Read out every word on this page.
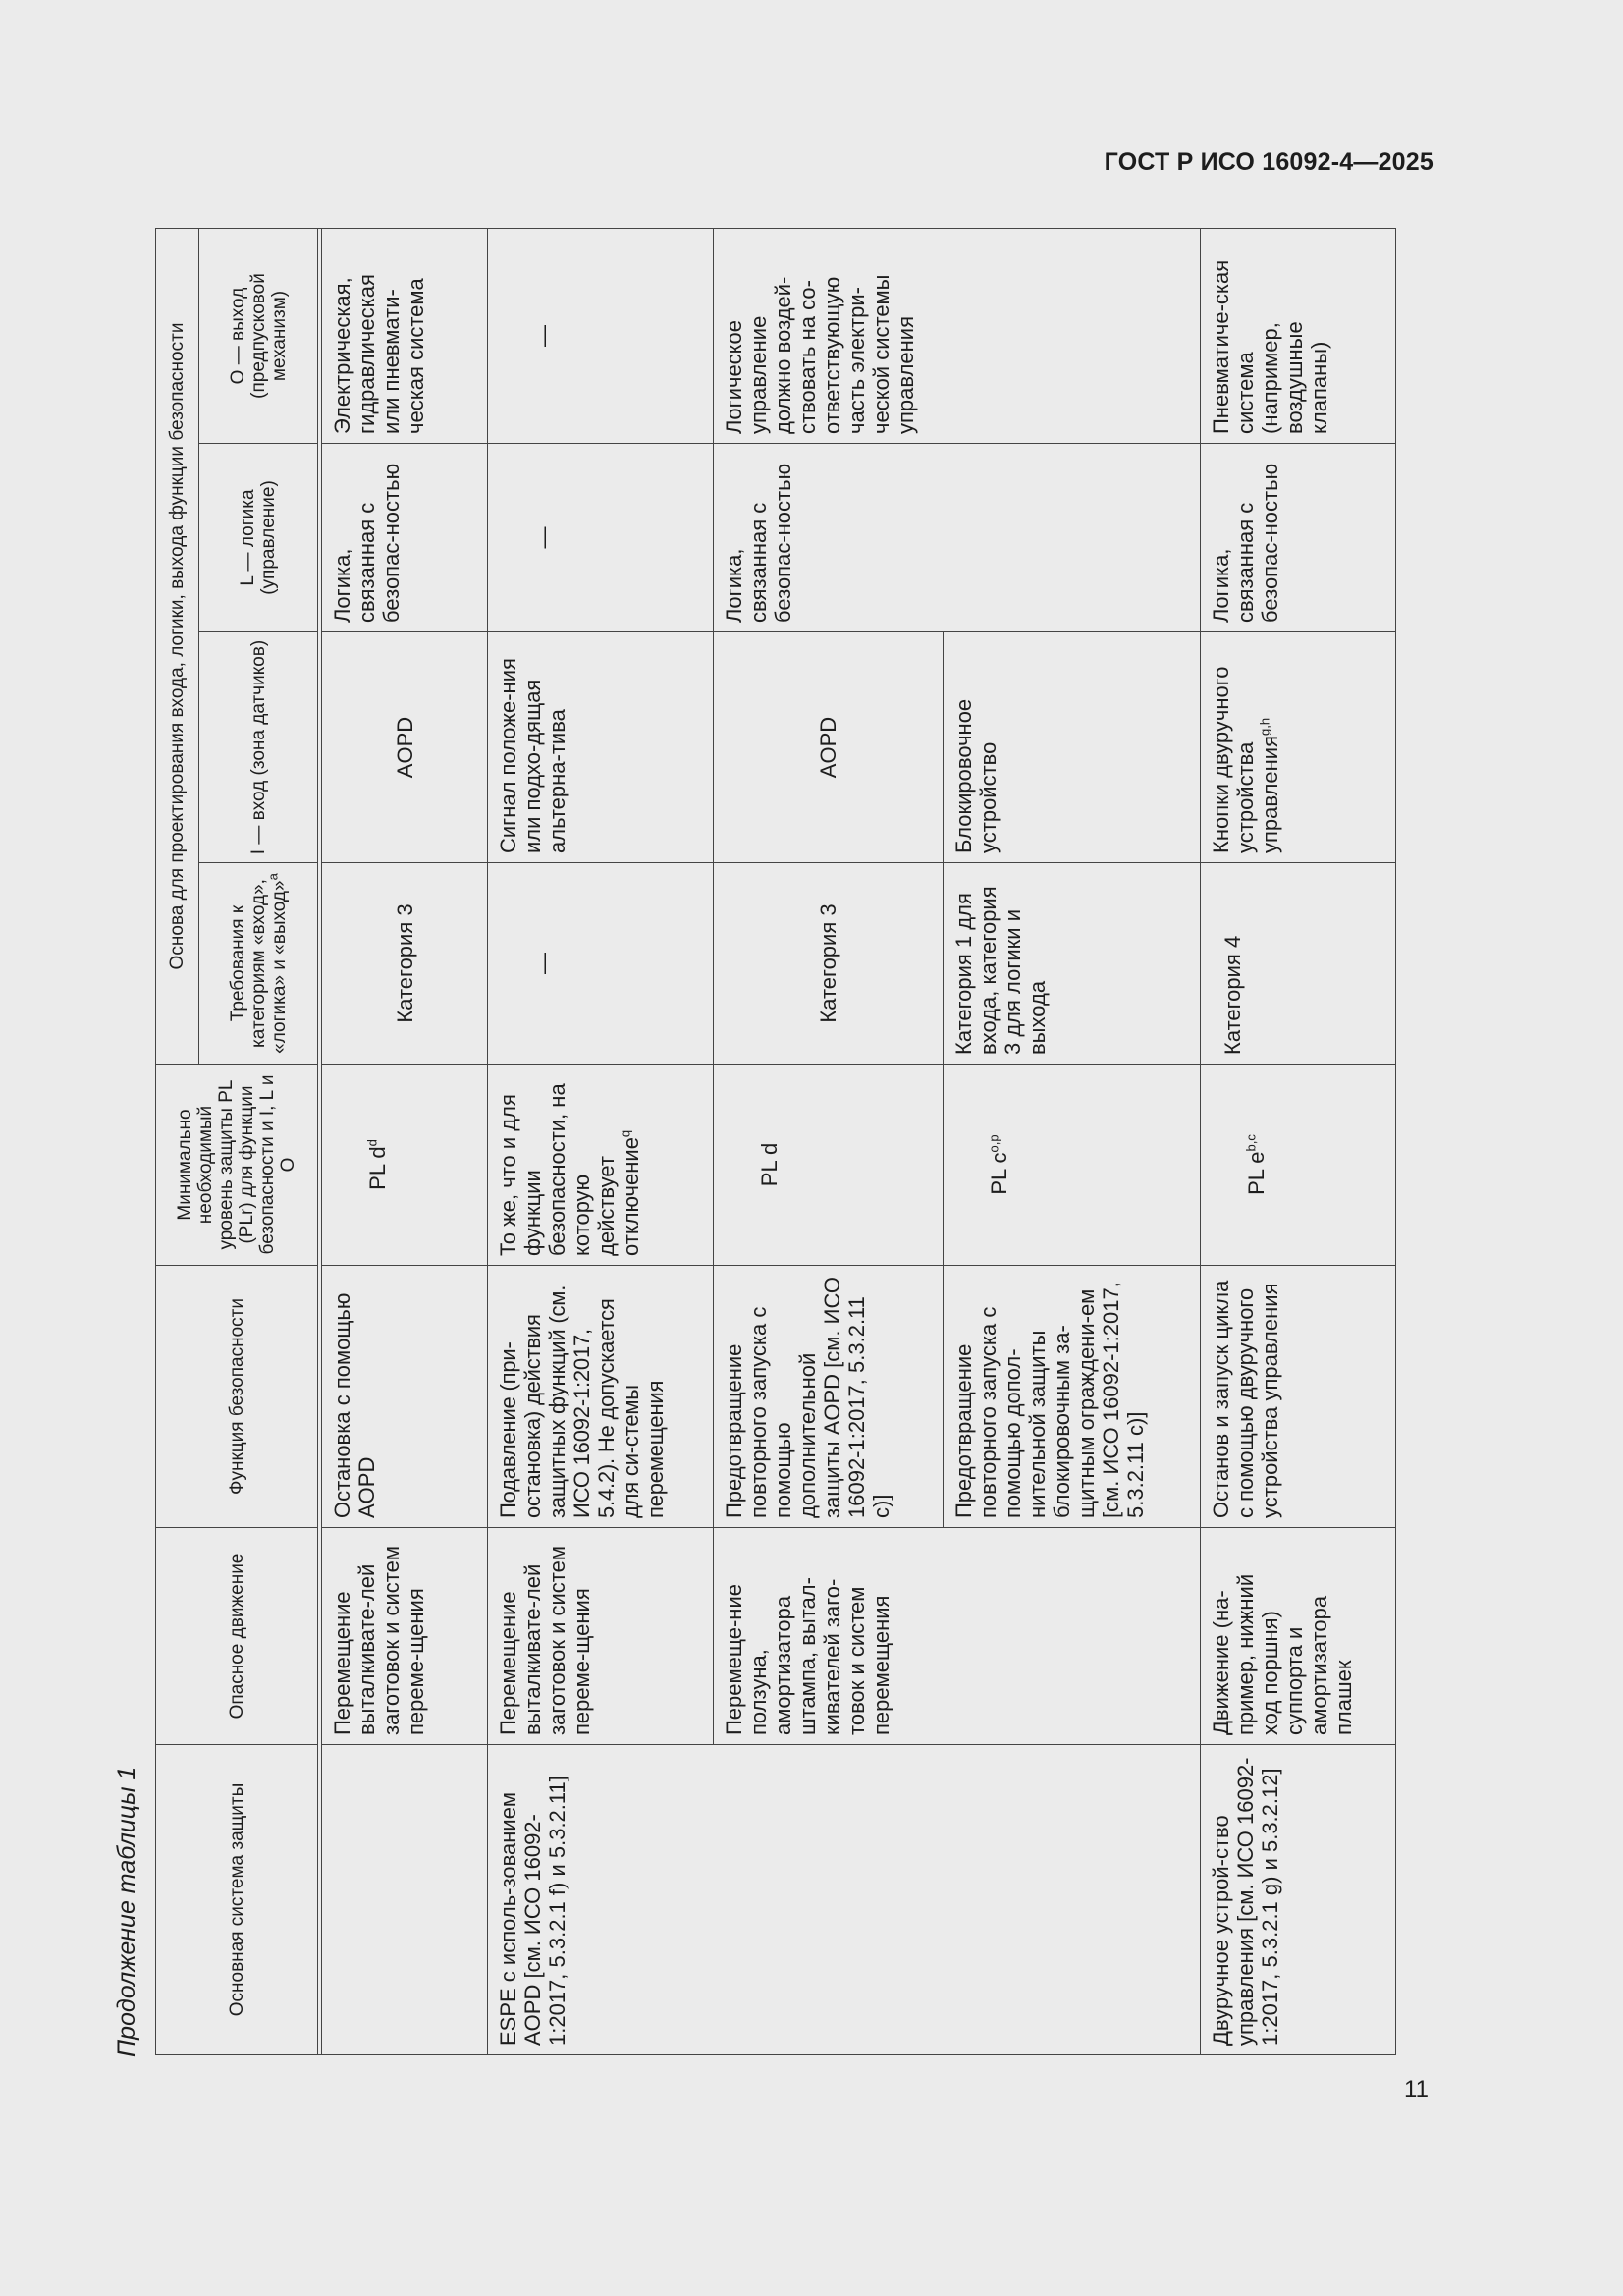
ГОСТ Р ИСО 16092-4—2025
Продолжение таблицы 1	Основная система защиты	Опасное движение	Функция безопасности	Минимально необходимый уровень защиты PL (PLr) для функции безопасности и I, L и O	Основа для проектирования входа, логики, выхода функции безопасности			
				Требования к категориям «вход», «логика» и «выход»$^a$	I — вход (зона датчиков)	L — логика (управление)	О — выход (предпусковой механизм)

	Перемещение выталкивате-лей заготовок и систем переме-щения	Остановка с помощью AOPD	PL $d^d$	Категория 3	AOPD	Логика, связанная с безопас-ностью	Электрическая, гидравлическая или пневмати-ческая система
ESPE с исполь-зованием AOPD [см. ИСО 16092-1:2017, 5.3.2.1 f) и 5.3.2.11]	Перемещение выталкивате-лей заготовок и систем переме-щения	Подавление (при-остановка) действия защитных функций (см. ИСО 16092-1:2017, 5.4.2). Не допускается для си-стемы перемещения	То же, что и для функции безопасности, на которую действует отключение$^q$	—	Сигнал положе-ния или подхо-дящая альтерна-тива	—	—
	Перемеще-ние ползуна, амортизатора штампа, вытал-кивателей заго-товок и систем перемещения	Предотвращение повторного запуска с помощью дополнительной защиты AOPD [см. ИСО 16092-1:2017, 5.3.2.11 с)]	PL d	Категория 3	AOPD	Логика, связанная с безопас-ностью	Логическое управление должно воздей-ствовать на со-ответствующую часть электри-ческой системы управления
		Предотвращение повторного запуска с помощью допол-нительной защиты блокировочным за-щитным ограждени-ем [см. ИСО 16092-1:2017, 5.3.2.11 с)]	PL $c^{o,p}$	Категория 1 для входа, категория 3 для логики и выхода	Блокировочное устройство		
Двуручное устрой-ство управления [см. ИСО 16092-1:2017, 5.3.2.1 g) и 5.3.2.12]	Движение (на-пример, нижний ход поршня) суппорта и амортизатора плашек	Останов и запуск цикла с помощью двуручного устройства управления	PL $e^{b,c}$	Категория 4	Кнопки двуручного устройства управления$^{g,h}$	Логика, связанная с безопас-ностью	Пневматиче-ская система (например, воздушные клапаны)
11
